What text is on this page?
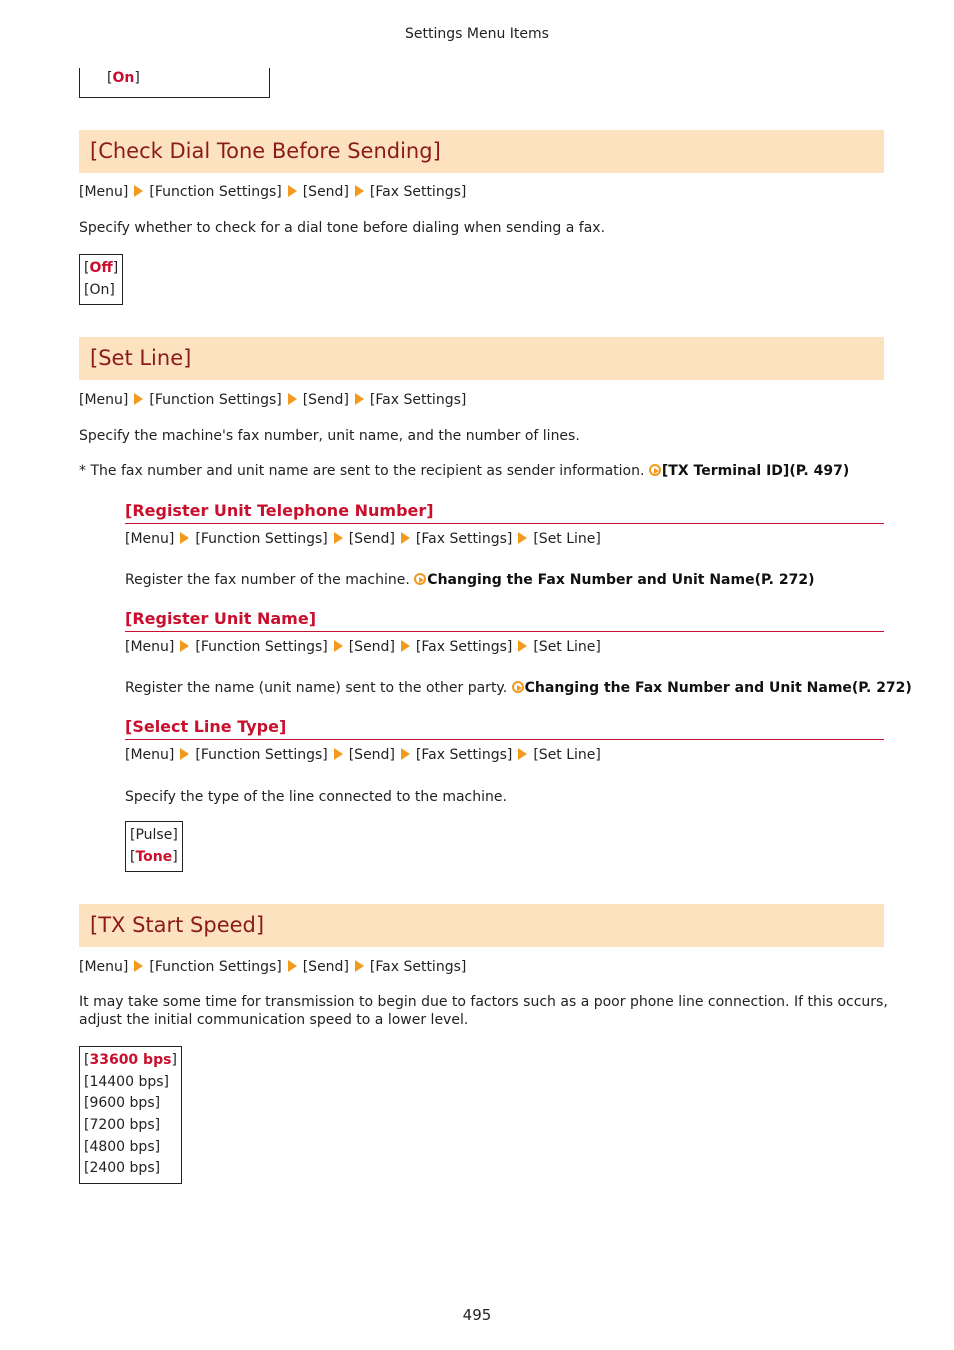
Settings Menu Items
[On]
[Check Dial Tone Before Sending]
[Menu] [Function Settings] [Send] [Fax Settings]
Specify whether to check for a dial tone before dialing when sending a fax.
[Off]
[On]
[Set Line]
[Menu] [Function Settings] [Send] [Fax Settings]
Specify the machine's fax number, unit name, and the number of lines.
* The fax number and unit name are sent to the recipient as sender information. [TX Terminal ID](P. 497)
[Register Unit Telephone Number]
[Menu] [Function Settings] [Send] [Fax Settings] [Set Line]
Register the fax number of the machine. Changing the Fax Number and Unit Name(P. 272)
[Register Unit Name]
[Menu] [Function Settings] [Send] [Fax Settings] [Set Line]
Register the name (unit name) sent to the other party. Changing the Fax Number and Unit Name(P. 272)
[Select Line Type]
[Menu] [Function Settings] [Send] [Fax Settings] [Set Line]
Specify the type of the line connected to the machine.
[Pulse]
[Tone]
[TX Start Speed]
[Menu] [Function Settings] [Send] [Fax Settings]
It may take some time for transmission to begin due to factors such as a poor phone line connection. If this occurs,
adjust the initial communication speed to a lower level.
[33600 bps]
[14400 bps]
[9600 bps]
[7200 bps]
[4800 bps]
[2400 bps]
495
